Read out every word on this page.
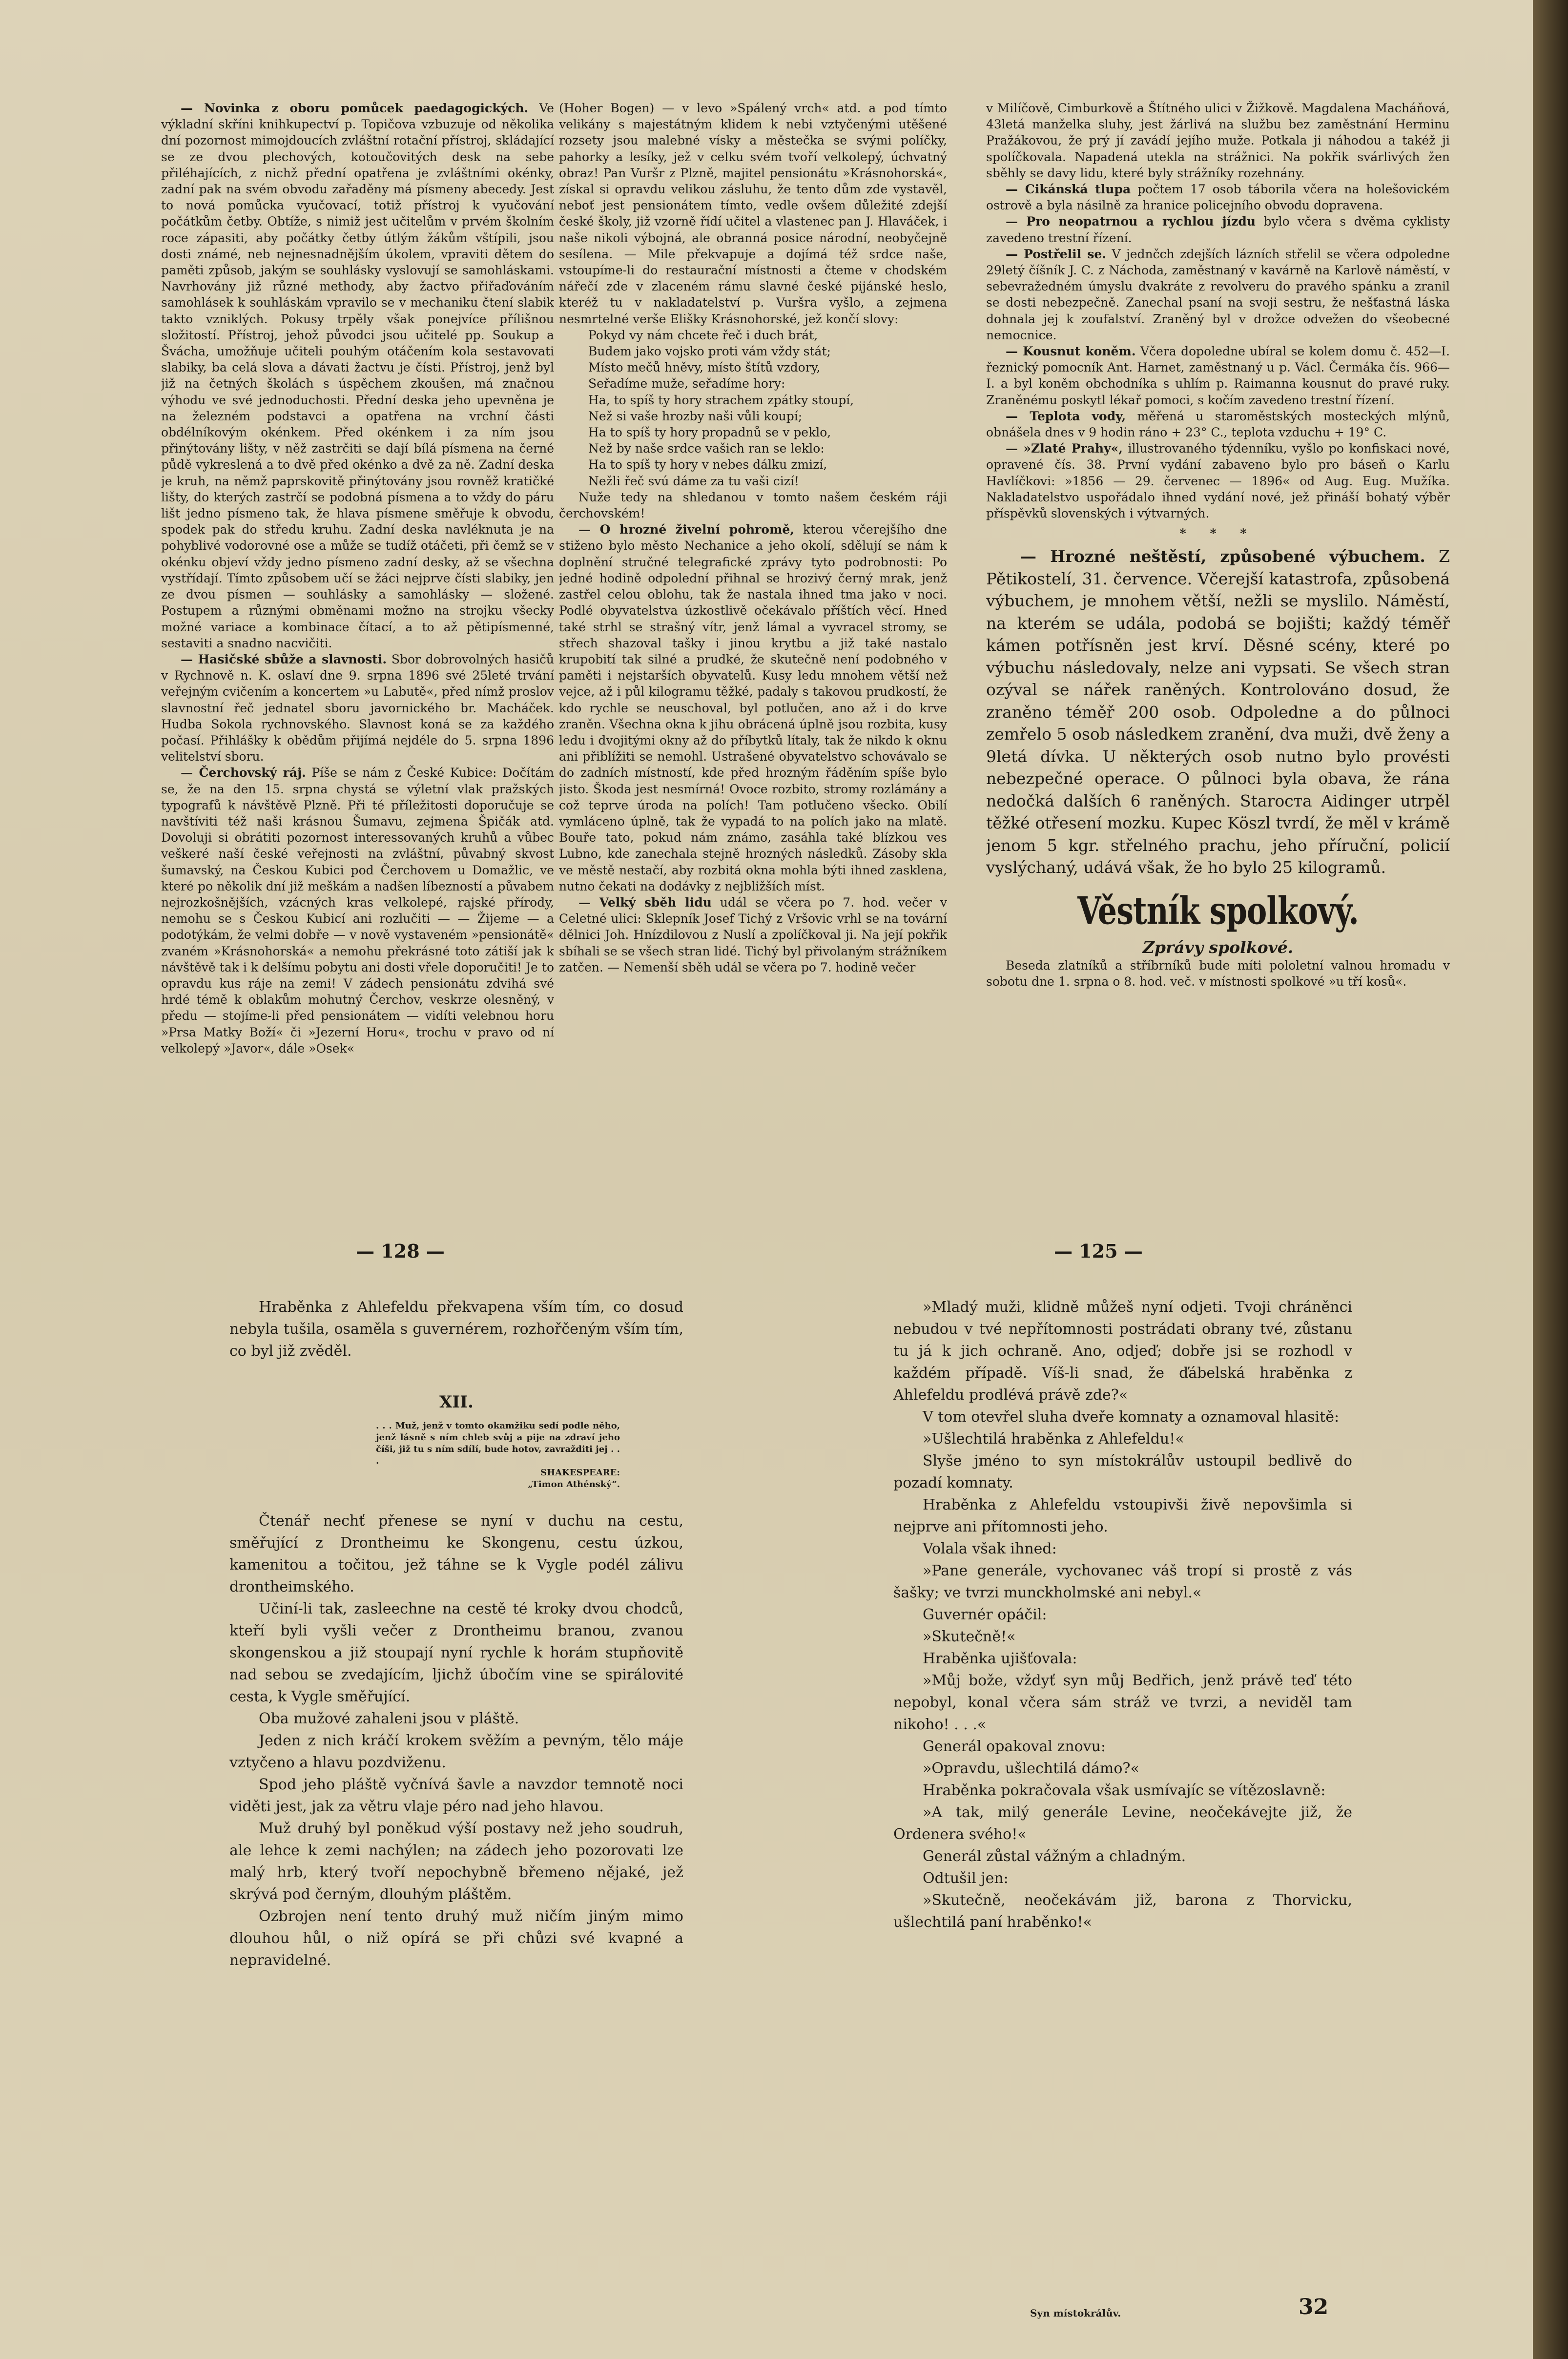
— Novinka z oboru pomůcek paedagogických. Ve výkladní skříni knihkupectví p. Topičova vzbuzuje od několika dní pozornost mimojdoucích zvláštní rotační přístroj, skládající se ze dvou plechových, kotoučovitých desk na sebe přiléhajících, z nichž přední opatřena je zvláštními okénky, zadní pak na svém obvodu zařaděny má písmeny abecedy. Jest to nová pomůcka vyučovací, totiž přístroj k vyučování počátkům četby. Obtíže, s nimiž jest učitelům v prvém školním roce zápasiti, aby počátky četby útlým žákům vštípili, jsou dosti známé, neb nejnesnadnějším úkolem, vpraviti dětem do paměti způsob, jakým se souhlásky vyslovují se samohláskami. Navrhovány již různé methody, aby žactvo přiřaďováním samohlásek k souhláskám vpravilo se v mechaniku čtení slabik takto vzniklých. Pokusy trpěly však ponejvíce přílišnou složitostí. Přístroj, jehož původci jsou učitelé pp. Soukup a Švácha, umožňuje učiteli pouhým otáčením kola sestavovati slabiky, ba celá slova a dávati žactvu je čísti. Přístroj, jenž byl již na četných školách s úspěchem zkoušen, má značnou výhodu ve své jednoduchosti. Přední deska jeho upevněna je na železném podstavci a opatřena na vrchní části obdélníkovým okénkem. Před okénkem i za ním jsou přinýtovány lišty, v něž zastrčiti se dají bílá písmena na černé půdě vykreslená a to dvě před okénko a dvě za ně. Zadní deska je kruh, na němž paprskovitě přinýtovány jsou rovněž kratičké lišty, do kterých zastrčí se podobná písmena a to vždy do páru lišt jedno písmeno tak, že hlava písmene směřuje k obvodu, spodek pak do středu kruhu. Zadní deska navléknuta je na pohyblivé vodorovné ose a může se tudíž otáčeti, při čemž se v okénku objeví vždy jedno písmeno zadní desky, až se všechna vystřídají. Tímto způsobem učí se žáci nejprve čísti slabiky, jen ze dvou písmen — souhlásky a samohlásky — složené. Postupem a různými obměnami možno na strojku všecky možné variace a kombinace čítací, a to až pětipísmenné, sestaviti a snadno nacvičiti.

— Hasičské sbůže a slavnosti. Sbor dobrovolných hasičů v Rychnově n. K. oslaví dne 9. srpna 1896 své 25leté trvání veřejným cvičením a koncertem »u Labutě«, před nímž proslov slavnostní řeč jednatel sboru javornického br. Macháček. Hudba Sokola rychnovského. Slavnost koná se za každého počasí. Přihlášky k obědům přijímá nejdéle do 5. srpna 1896 velitelství sboru.

— Čerchovský ráj. Píše se nám z České Kubice: Dočítám se, že na den 15. srpna chystá se výletní vlak pražských typografů k návštěvě Plzně. Při té příležitosti doporučuje se navštíviti též naši krásnou Šumavu, zejmena Špičák atd. Dovoluji si obrátiti pozornost interessovaných kruhů a vůbec veškeré naší české veřejnosti na zvláštní, půvabný skvost šumavský, na Českou Kubici pod Čerchovem u Domažlic, ve které po několik dní již meškám a nadšen líbezností a půvabem nejrozkošnějších, vzácných kras velkolepé, rajské přírody, nemohu se s Českou Kubicí ani rozlučiti — — Žijeme — a podotýkám, že velmi dobře — v nově vystaveném »pensionátě« zvaném »Krásnohorská« a nemohu překrásné toto zátiší jak k návštěvě tak i k delšímu pobytu ani dosti vřele doporučiti! Je to opravdu kus ráje na zemi! V zádech pensionátu zdvihá své hrdé témě k oblakům mohutný Čerchov, veskrze olesněný, v předu — stojíme-li před pensionátem — vidíti velebnou horu »Prsa Matky Boží« či »Jezerní Horu«, trochu v pravo od ní velkolepý »Javor«, dále »Osek«

(Hoher Bogen) — v levo »Spálený vrch« atd. a pod tímto velikány s majestátným klidem k nebi vztyčenými utěšené rozsety jsou malebné vísky a městečka se svými políčky, pahorky a lesíky, jež v celku svém tvoří velkolepý, úchvatný obraz! Pan Vuršr z Plzně, majitel pensionátu »Krásnohorská«, získal si opravdu velikou zásluhu, že tento dům zde vystavěl, neboť jest pensionátem tímto, vedle ovšem důležité zdejší české školy, již vzorně řídí učitel a vlastenec pan J. Hlaváček, i naše nikoli výbojná, ale obranná posice národní, neobyčejně sesílena. — Mile překvapuje a dojímá též srdce naše, vstoupíme-li do restaurační místnosti a čteme v chodském nářečí zde v zlaceném rámu slavné české pijánské heslo, kteréž tu v nakladatelství p. Vuršra vyšlo, a zejmena nesmrtelné verše Elišky Krásnohorské, jež končí slovy:

Pokyd vy nám chcete řeč i duch brát,
Budem jako vojsko proti vám vždy stát;
Místo mečů hněvy, místo štítů vzdory,
Seřadíme muže, seřadíme hory:
Ha, to spíš ty hory strachem zpátky stoupí,
Než si vaše hrozby naši vůli koupí;
Ha to spíš ty hory propadnů se v peklo,
Než by naše srdce vašich ran se leklo:
Ha to spíš ty hory v nebes dálku zmizí,
Nežli řeč svú dáme za tu vaši cizí!

Nuže tedy na shledanou v tomto našem českém ráji čerchovském!

— O hrozné živelní pohromě, kterou včerejšího dne stiženo bylo město Nechanice a jeho okolí, sdělují se nám k doplnění stručné telegrafické zprávy tyto podrobnosti: Po jedné hodině odpolední přihnal se hrozivý černý mrak, jenž zastřel celou oblohu, tak že nastala ihned tma jako v noci. Podlé obyvatelstva úzkostlivě očekávalo příštích věcí. Hned také strhl se strašný vítr, jenž lámal a vyvracel stromy, se střech shazoval tašky i jinou krytbu a již také nastalo krupobití tak silné a prudké, že skutečně není podobného v paměti i nejstarších obyvatelů. Kusy ledu mnohem větší než vejce, až i půl kilogramu těžké, padaly s takovou prudkostí, že kdo rychle se neuschoval, byl potlučen, ano až i do krve zraněn. Všechna okna k jihu obrácená úplně jsou rozbita, kusy ledu i dvojitými okny až do příbytků lítaly, tak že nikdo k oknu ani přiblížiti se nemohl. Ustrašené obyvatelstvo schovávalo se do zadních místností, kde před hrozným řáděním spíše bylo jisto. Škoda jest nesmírná! Ovoce rozbito, stromy rozlámány a což teprve úroda na polích! Tam potlučeno všecko. Obilí vymláceno úplně, tak že vypadá to na polích jako na mlatě. Bouře tato, pokud nám známo, zasáhla také blízkou ves Lubno, kde zanechala stejně hrozných následků. Zásoby skla ve městě nestačí, aby rozbitá okna mohla býti ihned zasklena, nutno čekati na dodávky z nejbližších míst.

— Velký sběh lidu udál se včera po 7. hod. večer v Celetné ulici: Sklepník Josef Tichý z Vršovic vrhl se na tovární dělnici Joh. Hnízdilovou z Nuslí a zpolíčkoval ji. Na její pokřik sbíhali se se všech stran lidé. Tichý byl přivolaným strážníkem zatčen. — Nemenší sběh udál se včera po 7. hodině večer

v Milíčově, Cimburkově a Štítného ulici v Žižkově. Magdalena Macháňová, 43letá manželka sluhy, jest žárlivá na službu bez zaměstnání Herminu Pražákovou, že prý jí zavádí jejího muže. Potkala ji náhodou a takéž ji spolíčkovala. Napadená utekla na strážnici. Na pokřik svárlivých žen sběhly se davy lidu, které byly strážníky rozehnány.

— Cikánská tlupa počtem 17 osob táborila včera na holešovickém ostrově a byla násilně za hranice policejního obvodu dopravena.

— Pro neopatrnou a rychlou jízdu bylo včera s dvěma cyklisty zavedeno trestní řízení.

— Postřelil se. V jednčch zdejších lázních střelil se včera odpoledne 29letý číšník J. C. z Náchoda, zaměstnaný v kavárně na Karlově náměstí, v sebevražedném úmyslu dvakráte z revolveru do pravého spánku a zranil se dosti nebezpečně. Zanechal psaní na svoji sestru, že nešťastná láska dohnala jej k zoufalství. Zraněný byl v drožce odvežen do všeobecné nemocnice.

— Kousnut koněm. Včera dopoledne ubíral se kolem domu č. 452—I. řeznický pomocník Ant. Harnet, zaměstnaný u p. Václ. Čermáka čís. 966—I. a byl koněm obchodníka s uhlím p. Raimanna kousnut do pravé ruky. Zraněnému poskytl lékař pomoci, s kočím zavedeno trestní řízení.

— Teplota vody, měřená u staroměstských mosteckých mlýnů, obnášela dnes v 9 hodin ráno + 23° C., teplota vzduchu + 19° C.

— »Zlaté Prahy«, illustrovaného týdenníku, vyšlo po konfiskaci nové, opravené čís. 38. První vydání zabaveno bylo pro báseň o Karlu Havlíčkovi: »1856 — 29. červenec — 1896« od Aug. Eug. Mužíka. Nakladatelstvo uspořádalo ihned vydání nové, jež přináší bohatý výběr příspěvků slovenských i výtvarných.

* * *

— Hrozné neštěstí, způsobené výbuchem. Z Pětikostelí, 31. července. Včerejší katastrofa, způsobená výbuchem, je mnohem větší, nežli se myslilo. Náměstí, na kterém se udála, podobá se bojišti; každý téměř kámen potřísněn jest krví. Děsné scény, které po výbuchu následovaly, nelze ani vypsati. Se všech stran ozýval se nářek raněných. Kontrolováno dosud, že zraněno téměř 200 osob. Odpoledne a do půlnoci zemřelo 5 osob následkem zranění, dva muži, dvě ženy a 9letá dívka. U některých osob nutno bylo provésti nebezpečné operace. O půlnoci byla obava, že rána nedočká dalších 6 raněných. Staroста Aidinger utrpěl těžké otřesení mozku. Kupec Köszl tvrdí, že měl v krámě jenom 5 kgr. střelného prachu, jeho příruční, policií vyslýchaný, udává však, že ho bylo 25 kilogramů.

Věstník spolkový.
Zprávy spolkové.

Beseda zlatníků a stříbrníků bude míti pololetní valnou hromadu v sobotu dne 1. srpna o 8. hod. več. v místnosti spolkové »u tří kosů«.

— 128 —	— 125 —

Hraběnka z Ahlefeldu překvapena vším tím, co dosud nebyla tušila, osaměla s guvernérem, rozhořčeným vším tím, co byl již zvěděl.

XII.
. . . Muž, jenž v tomto okamžiku sedí podle něho, jenž lásně s ním chleb svůj a pije na zdraví jeho číši, již tu s ním sdílí, bude hotov, zavražditi jej . . .
SHAKESPEARE:
„Timon Athénský“.

Čtenář nechť přenese se nyní v duchu na cestu, směřující z Drontheimu ke Skongenu, cestu úzkou, kamenitou a točitou, jež táhne se k Vygle podél zálivu drontheimského.

Učiní-li tak, zasleechne na cestě té kroky dvou chodců, kteří byli vyšli večer z Drontheimu branou, zvanou skongenskou a již stoupají nyní rychle k horám stupňovitě nad sebou se zvedajícím, ljichž úbočím vine se spirálovité cesta, k Vygle směřující.

Oba mužové zahaleni jsou v pláště.

Jeden z nich kráčí krokem svěžím a pevným, tělo máje vztyčeno a hlavu pozdviženu.

Spod jeho pláště vyčnívá šavle a navzdor temnotě noci viděti jest, jak za větru vlaje péro nad jeho hlavou.

Muž druhý byl poněkud výší postavy než jeho soudruh, ale lehce k zemi nachýlen; na zádech jeho pozorovati lze malý hrb, který tvoří nepochybně břemeno nějaké, jež skrývá pod černým, dlouhým pláštěm.

Ozbrojen není tento druhý muž ničím jiným mimo dlouhou hůl, o niž opírá se při chůzi své kvapné a nepravidelné.

»Mladý muži, klidně můžeš nyní odjeti. Tvoji chráněnci nebudou v tvé nepřítomnosti postrádati obrany tvé, zůstanu tu já k jich ochraně. Ano, odjeď; dobře jsi se rozhodl v každém případě. Víš-li snad, že ďábelská hraběnka z Ahlefeldu prodlévá právě zde?«

V tom otevřel sluha dveře komnaty a oznamoval hlasitě:

»Ušlechtilá hraběnka z Ahlefeldu!«

Slyše jméno to syn místokrálův ustoupil bedlivě do pozadí komnaty.

Hraběnka z Ahlefeldu vstoupivši živě nepovšimla si nejprve ani přítomnosti jeho.

Volala však ihned:

»Pane generále, vychovanec váš tropí si prostě z vás šašky; ve tvrzi munckholmské ani nebyl.«

Guvernér opáčil:

»Skutečně!«

Hraběnka ujišťovala:

»Můj bože, vždyť syn můj Bedřich, jenž právě teď této nepobyl, konal včera sám stráž ve tvrzi, a neviděl tam nikoho! . . .«

Generál opakoval znovu:

»Opravdu, ušlechtilá dámo?«

Hraběnka pokračovala však usmívajíc se vítězoslavně:

»A tak, milý generále Levine, neočekávejte již, že Ordenera svého!«

Generál zůstal vážným a chladným.

Odtušil jen:

»Skutečně, neočekávám již, barona z Thorvicku, ušlechtilá paní hraběnko!«

Syn místokrálův.	32
